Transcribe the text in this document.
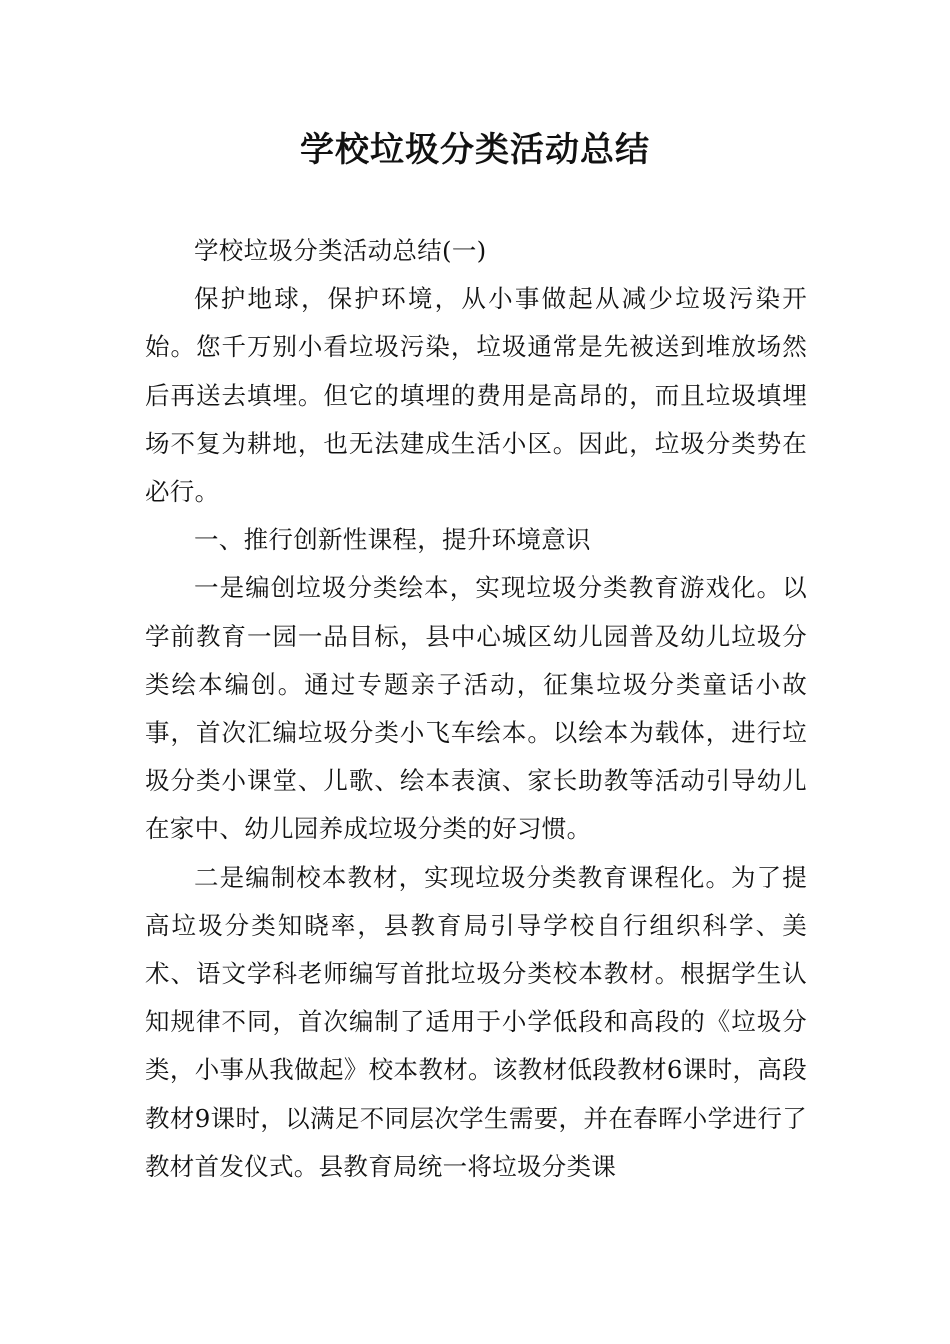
学校垃圾分类活动总结

学校垃圾分类活动总结(一)

保护地球，保护环境，从小事做起从减少垃圾污染开始。您千万别小看垃圾污染，垃圾通常是先被送到堆放场然后再送去填埋。但它的填埋的费用是高昂的，而且垃圾填埋场不复为耕地，也无法建成生活小区。因此，垃圾分类势在必行。

一、推行创新性课程，提升环境意识

一是编创垃圾分类绘本，实现垃圾分类教育游戏化。以学前教育一园一品目标，县中心城区幼儿园普及幼儿垃圾分类绘本编创。通过专题亲子活动，征集垃圾分类童话小故事，首次汇编垃圾分类小飞车绘本。以绘本为载体，进行垃圾分类小课堂、儿歌、绘本表演、家长助教等活动引导幼儿在家中、幼儿园养成垃圾分类的好习惯。

二是编制校本教材，实现垃圾分类教育课程化。为了提高垃圾分类知晓率，县教育局引导学校自行组织科学、美术、语文学科老师编写首批垃圾分类校本教材。根据学生认知规律不同，首次编制了适用于小学低段和高段的《垃圾分类，小事从我做起》校本教材。该教材低段教材6课时，高段教材9课时，以满足不同层次学生需要，并在春晖小学进行了教材首发仪式。县教育局统一将垃圾分类课
